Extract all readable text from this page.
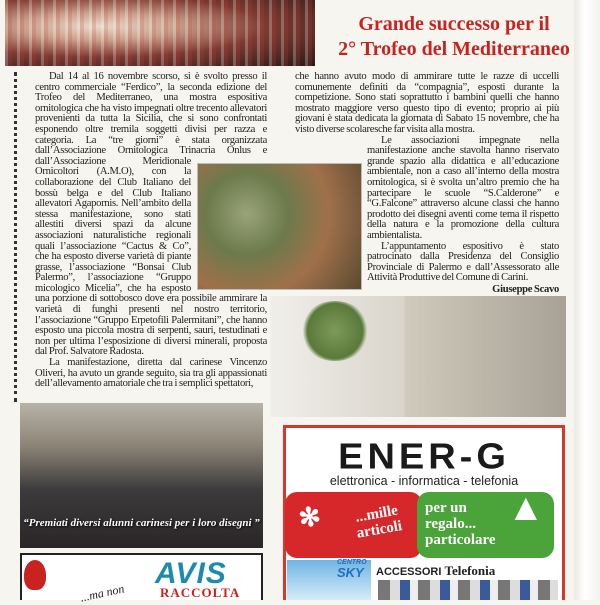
Grande successo per il
2° Trofeo del Mediterraneo

Dal 14 al 16 novembre scorso, si è svolto presso il centro commerciale “Ferdico”, la seconda edizione del Trofeo del Mediterraneo, una mostra espositiva ornitologica che ha visto impegnati oltre trecento allevatori provenienti da tutta la Sicilia, che si sono confrontati esponendo oltre tremila soggetti divisi per razza e categoria. La “tre giorni” è stata organizzata dall’Associazione Ornitologica Trinacria Onlus e dall’Associazione Meridionale Ornicoltori (A.M.O), con la collaborazione del Club Italiano del bossù belga e del Club Italiano allevatori Agapornis. Nell’ambito della stessa manifestazione, sono stati allestiti diversi spazi da alcune associazioni naturalistiche regionali quali l’associazione “Cactus & Co”, che ha esposto diverse varietà di piante grasse, l’associazione “Bonsai Club Palermo”, l’associazione “Gruppo micologico Micelia”, che ha esposto una porzione di sottobosco dove era possibile ammirare la varietà di funghi presenti nel nostro territorio, l’associazione “Gruppo Erpetofili Palermitani”, che hanno esposto una piccola mostra di serpenti, sauri, testudinati e non per ultima l’esposizione di diversi minerali, proposta dal Prof. Salvatore Radosta.

La manifestazione, diretta dal carinese Vincenzo Oliveri, ha avuto un grande seguito, sia tra gli appassionati dell’allevamento amatoriale che tra i semplici spettatori,

che hanno avuto modo di ammirare tutte le razze di uccelli comunemente definiti da “compagnia”, esposti durante la competizione. Sono stati soprattutto i bambini quelli che hanno mostrato maggiore verso questo tipo di evento; proprio ai più giovani è stata dedicata la giornata di Sabato 15 novembre, che ha visto diverse scolaresche far visita alla mostra.

Le associazioni impegnate nella manifestazione anche stavolta hanno riservato grande spazio alla didattica e all’educazione ambientale, non a caso all’interno della mostra ornitologica, si è svolta un’altro premio che ha partecipare le scuole “S.Calderone” e “G.Falcone” attraverso alcune classi che hanno prodotto dei disegni aventi come tema il rispetto della natura e la promozione della cultura ambientalista.

L’appuntamento espositivo è stato patrocinato dalla Presidenza del Consiglio Provinciale di Palermo e dall’Assessorato alle Attività Produttive del Comune di Carini.

Giuseppe Scavo
“Premiati diversi alunni carinesi per i loro disegni ”
...ma non
AVIS
RACCOLTA
ENER-G
elettronica - informatica - telefonia
✻	...mille articoli
per un regalo... particolare
▲
CENTRO
SKY ACCESSORI Telefonia
